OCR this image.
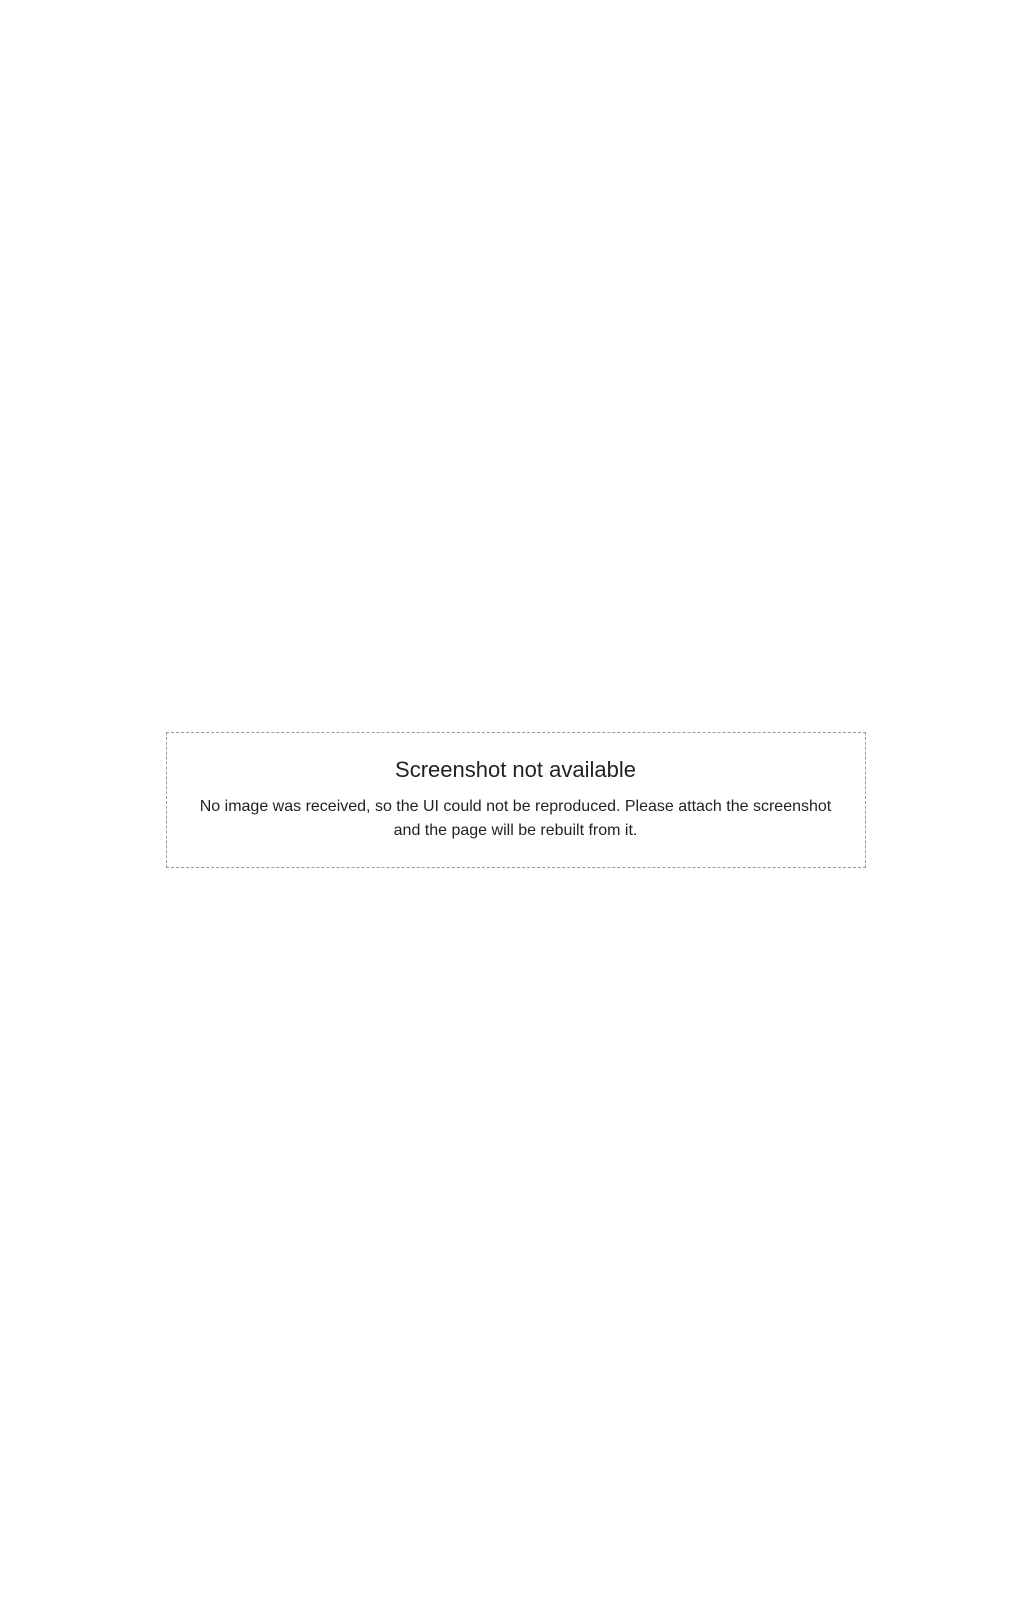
Screenshot not available

No image was received, so the UI could not be reproduced. Please attach the screenshot and the page will be rebuilt from it.
